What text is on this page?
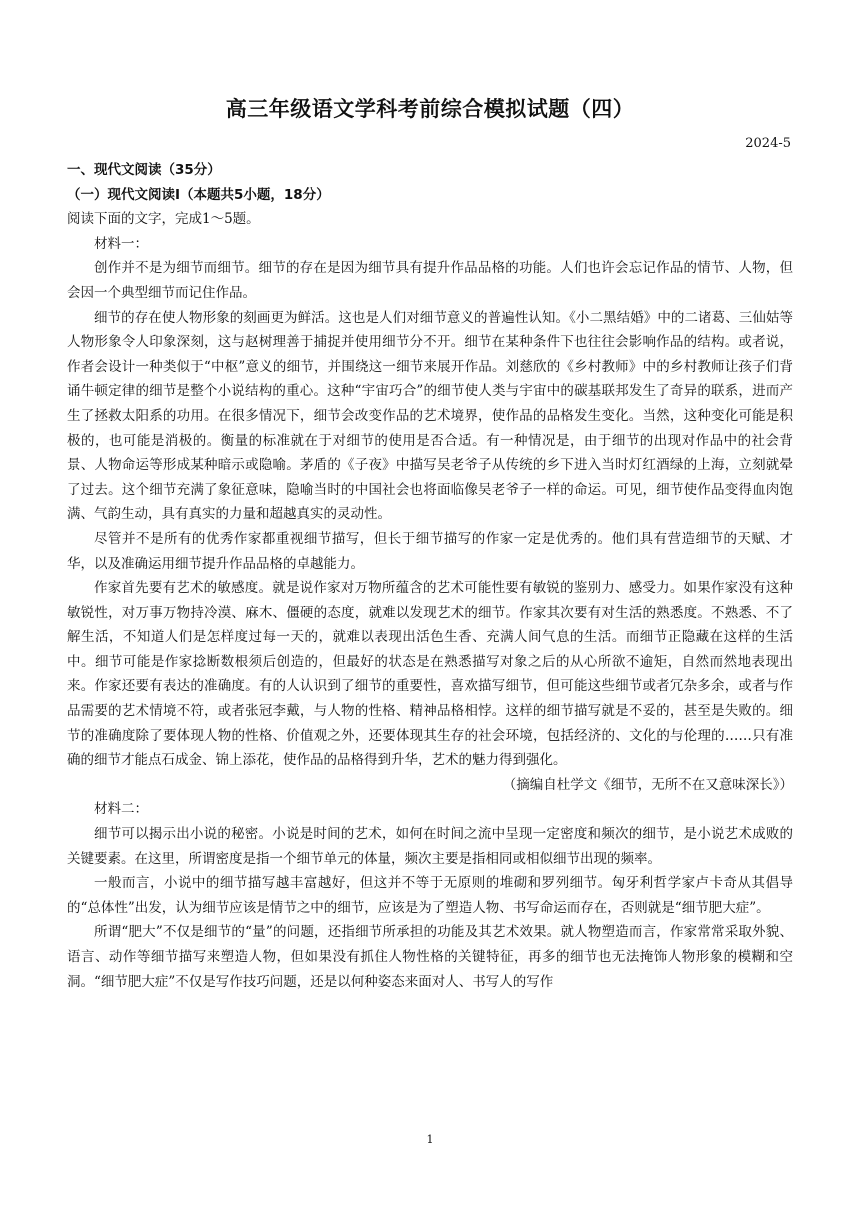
高三年级语文学科考前综合模拟试题（四）
2024-5
一、现代文阅读（35分）
（一）现代文阅读Ⅰ（本题共5小题，18分）

阅读下面的文字，完成1～5题。

材料一：

创作并不是为细节而细节。细节的存在是因为细节具有提升作品品格的功能。人们也许会忘记作品的情节、人物，但会因一个典型细节而记住作品。

细节的存在使人物形象的刻画更为鲜活。这也是人们对细节意义的普遍性认知。《小二黑结婚》中的二诸葛、三仙姑等人物形象令人印象深刻，这与赵树理善于捕捉并使用细节分不开。细节在某种条件下也往往会影响作品的结构。或者说，作者会设计一种类似于“中枢”意义的细节，并围绕这一细节来展开作品。刘慈欣的《乡村教师》中的乡村教师让孩子们背诵牛顿定律的细节是整个小说结构的重心。这种“宇宙巧合”的细节使人类与宇宙中的碳基联邦发生了奇异的联系，进而产生了拯救太阳系的功用。在很多情况下，细节会改变作品的艺术境界，使作品的品格发生变化。当然，这种变化可能是积极的，也可能是消极的。衡量的标准就在于对细节的使用是否合适。有一种情况是，由于细节的出现对作品中的社会背景、人物命运等形成某种暗示或隐喻。茅盾的《子夜》中描写吴老爷子从传统的乡下进入当时灯红酒绿的上海，立刻就晕了过去。这个细节充满了象征意味，隐喻当时的中国社会也将面临像吴老爷子一样的命运。可见，细节使作品变得血肉饱满、气韵生动，具有真实的力量和超越真实的灵动性。

尽管并不是所有的优秀作家都重视细节描写，但长于细节描写的作家一定是优秀的。他们具有营造细节的天赋、才华，以及准确运用细节提升作品品格的卓越能力。

作家首先要有艺术的敏感度。就是说作家对万物所蕴含的艺术可能性要有敏锐的鉴别力、感受力。如果作家没有这种敏锐性，对万事万物持冷漠、麻木、僵硬的态度，就难以发现艺术的细节。作家其次要有对生活的熟悉度。不熟悉、不了解生活，不知道人们是怎样度过每一天的，就难以表现出活色生香、充满人间气息的生活。而细节正隐藏在这样的生活中。细节可能是作家捻断数根须后创造的，但最好的状态是在熟悉描写对象之后的从心所欲不逾矩，自然而然地表现出来。作家还要有表达的准确度。有的人认识到了细节的重要性，喜欢描写细节，但可能这些细节或者冗杂多余，或者与作品需要的艺术情境不符，或者张冠李戴，与人物的性格、精神品格相悖。这样的细节描写就是不妥的，甚至是失败的。细节的准确度除了要体现人物的性格、价值观之外，还要体现其生存的社会环境，包括经济的、文化的与伦理的……只有准确的细节才能点石成金、锦上添花，使作品的品格得到升华，艺术的魅力得到强化。

（摘编自杜学文《细节，无所不在又意味深长》）

材料二：

细节可以揭示出小说的秘密。小说是时间的艺术，如何在时间之流中呈现一定密度和频次的细节，是小说艺术成败的关键要素。在这里，所谓密度是指一个细节单元的体量，频次主要是指相同或相似细节出现的频率。

一般而言，小说中的细节描写越丰富越好，但这并不等于无原则的堆砌和罗列细节。匈牙利哲学家卢卡奇从其倡导的“总体性”出发，认为细节应该是情节之中的细节，应该是为了塑造人物、书写命运而存在，否则就是“细节肥大症”。

所谓“肥大”不仅是细节的“量”的问题，还指细节所承担的功能及其艺术效果。就人物塑造而言，作家常常采取外貌、语言、动作等细节描写来塑造人物，但如果没有抓住人物性格的关键特征，再多的细节也无法掩饰人物形象的模糊和空洞。“细节肥大症”不仅是写作技巧问题，还是以何种姿态来面对人、书写人的写作

1
